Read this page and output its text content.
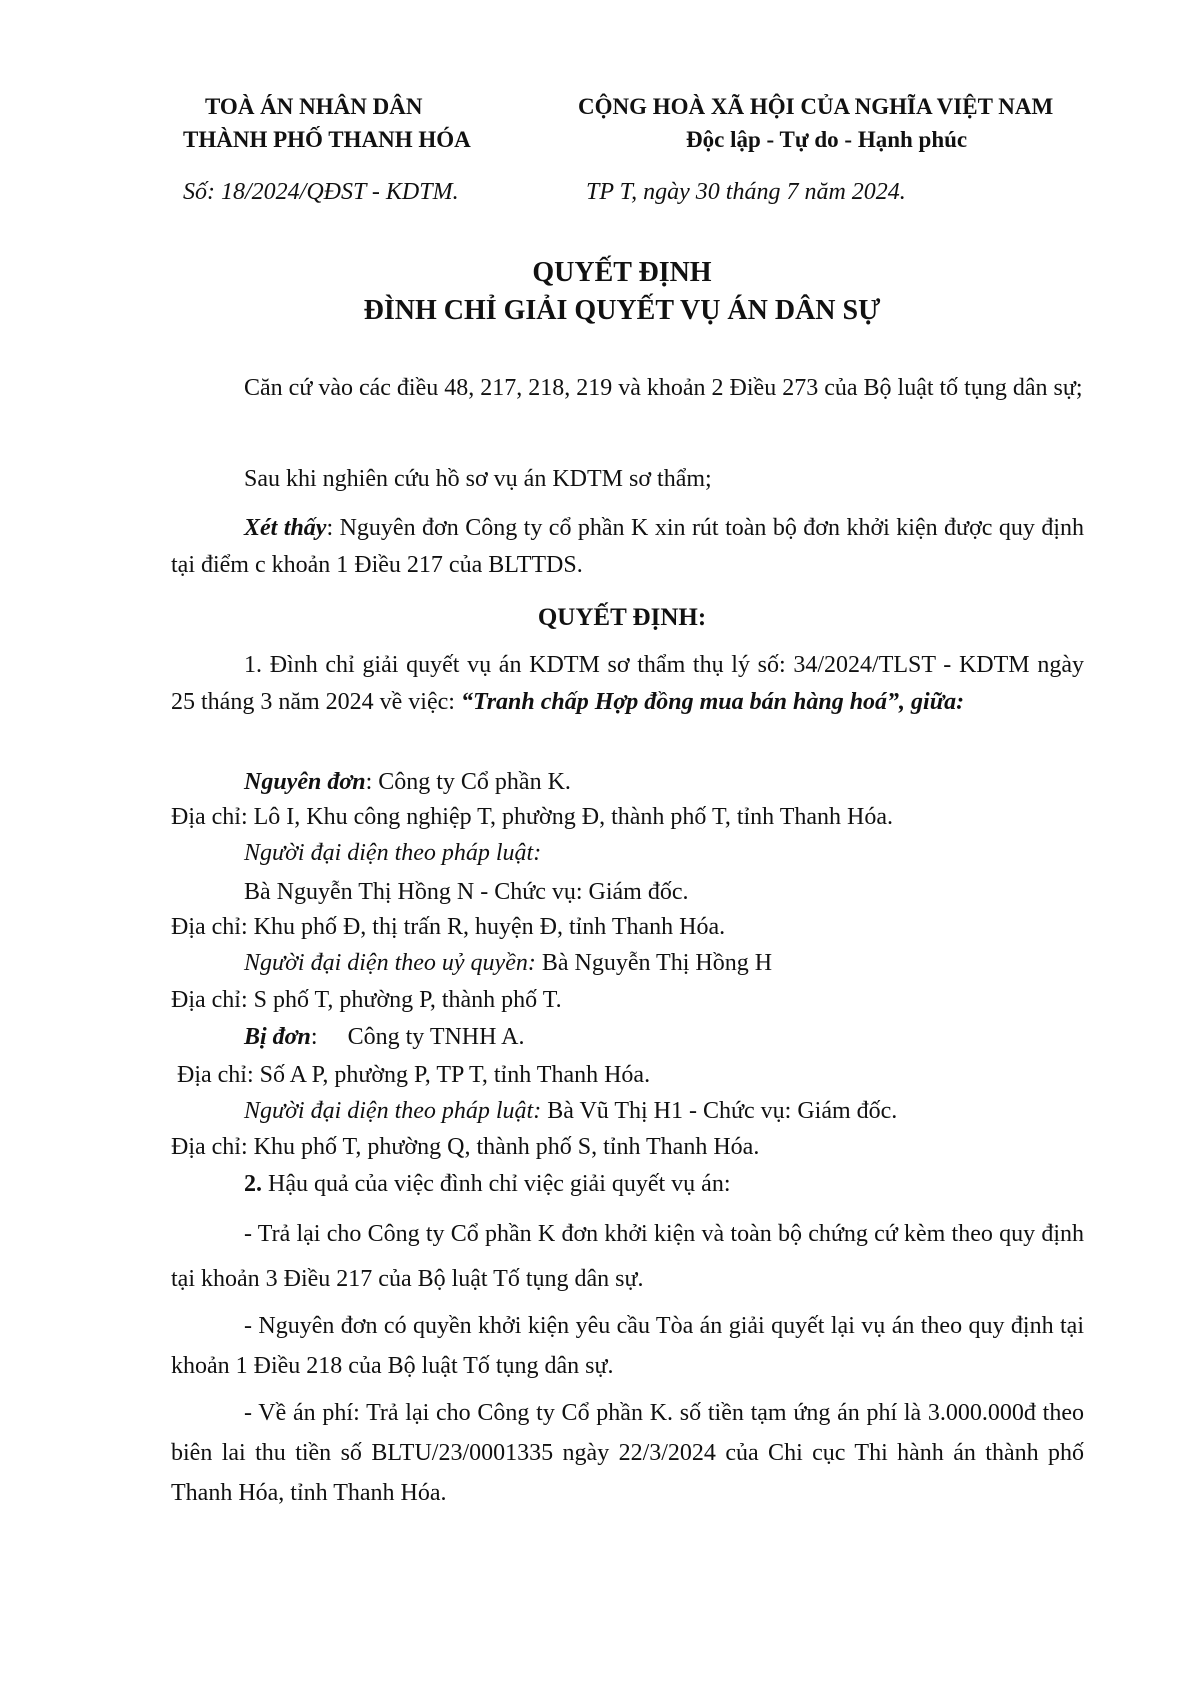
TOÀ ÁN NHÂN DÂN
THÀNH PHỐ THANH HÓA
Số: 18/2024/QĐST - KDTM.
CỘNG HOÀ XÃ HỘI CỦA NGHĨA VIỆT NAM
Độc lập - Tự do - Hạnh phúc
TP T, ngày 30 tháng 7 năm 2024.
QUYẾT ĐỊNH
ĐÌNH CHỈ GIẢI QUYẾT VỤ ÁN DÂN SỰ
Căn cứ vào các điều 48, 217, 218, 219 và khoản 2 Điều 273 của Bộ luật tố tụng dân sự;
Sau khi nghiên cứu hồ sơ vụ án KDTM sơ thẩm;
Xét thấy: Nguyên đơn Công ty cổ phần K xin rút toàn bộ đơn khởi kiện được quy định tại điểm c khoản 1 Điều 217 của BLTTDS.
QUYẾT ĐỊNH:
1. Đình chỉ giải quyết vụ án KDTM sơ thẩm thụ lý số: 34/2024/TLST - KDTM ngày 25 tháng 3 năm 2024 về việc: “Tranh chấp Hợp đồng mua bán hàng hoá”, giữa:
Nguyên đơn: Công ty Cổ phần K.
Địa chỉ: Lô I, Khu công nghiệp T, phường Đ, thành phố T, tỉnh Thanh Hóa.
Người đại diện theo pháp luật:
Bà Nguyễn Thị Hồng N - Chức vụ: Giám đốc.
Địa chỉ: Khu phố Đ, thị trấn R, huyện Đ, tỉnh Thanh Hóa.
Người đại diện theo uỷ quyền: Bà Nguyễn Thị Hồng H
Địa chỉ: S phố T, phường P, thành phố T.
Bị đơn:     Công ty TNHH A.
Địa chỉ: Số A P, phường P, TP T, tỉnh Thanh Hóa.
Người đại diện theo pháp luật: Bà Vũ Thị H1 - Chức vụ: Giám đốc.
Địa chỉ: Khu phố T, phường Q, thành phố S, tỉnh Thanh Hóa.
2. Hậu quả của việc đình chỉ việc giải quyết vụ án:
- Trả lại cho Công ty Cổ phần K đơn khởi kiện và toàn bộ chứng cứ kèm theo quy định tại khoản 3 Điều 217 của Bộ luật Tố tụng dân sự.
- Nguyên đơn có quyền khởi kiện yêu cầu Tòa án giải quyết lại vụ án theo quy định tại khoản 1 Điều 218 của Bộ luật Tố tụng dân sự.
- Về án phí: Trả lại cho Công ty Cổ phần K. số tiền tạm ứng án phí là 3.000.000đ theo biên lai thu tiền số BLTU/23/0001335 ngày 22/3/2024 của Chi cục Thi hành án thành phố Thanh Hóa, tỉnh Thanh Hóa.
